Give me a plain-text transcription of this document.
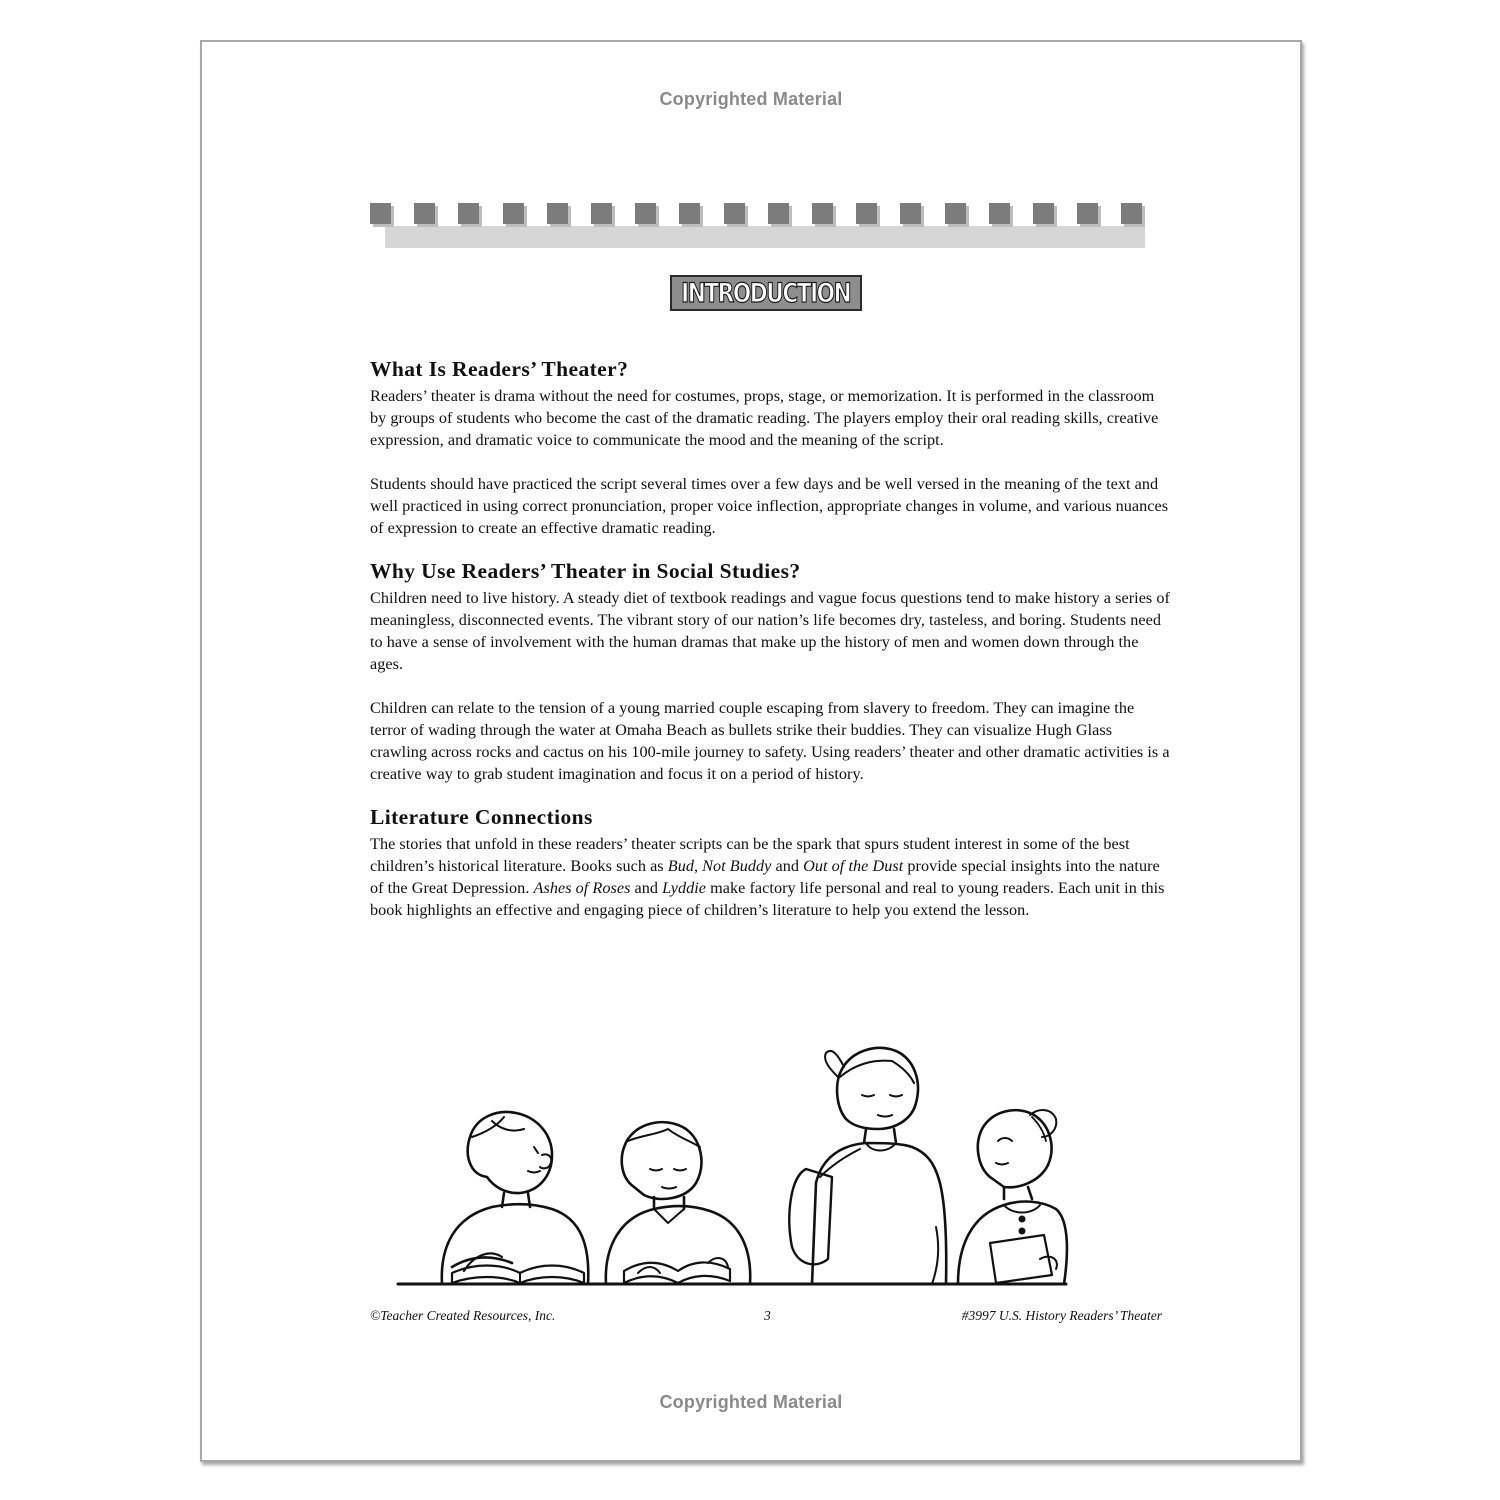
Copyrighted Material
INTRODUCTION
What Is Readers’ Theater?

Readers’ theater is drama without the need for costumes, props, stage, or memorization. It is performed in the classroom by groups of students who become the cast of the dramatic reading. The players employ their oral reading skills, creative expression, and dramatic voice to communicate the mood and the meaning of the script.

Students should have practiced the script several times over a few days and be well versed in the meaning of the text and well practiced in using correct pronunciation, proper voice inflection, appropriate changes in volume, and various nuances of expression to create an effective dramatic reading.

Why Use Readers’ Theater in Social Studies?

Children need to live history. A steady diet of textbook readings and vague focus questions tend to make history a series of meaningless, disconnected events. The vibrant story of our nation’s life becomes dry, tasteless, and boring. Students need to have a sense of involvement with the human dramas that make up the history of men and women down through the ages.

Children can relate to the tension of a young married couple escaping from slavery to freedom. They can imagine the terror of wading through the water at Omaha Beach as bullets strike their buddies. They can visualize Hugh Glass crawling across rocks and cactus on his 100-mile journey to safety. Using readers’ theater and other dramatic activities is a creative way to grab student imagination and focus it on a period of history.

Literature Connections

The stories that unfold in these readers’ theater scripts can be the spark that spurs student interest in some of the best children’s historical literature. Books such as Bud, Not Buddy and Out of the Dust provide special insights into the nature of the Great Depression. Ashes of Roses and Lyddie make factory life personal and real to young readers. Each unit in this book highlights an effective and engaging piece of children’s literature to help you extend the lesson.

©Teacher Created Resources, Inc.	3	#3997 U.S. History Readers’ Theater
Copyrighted Material
